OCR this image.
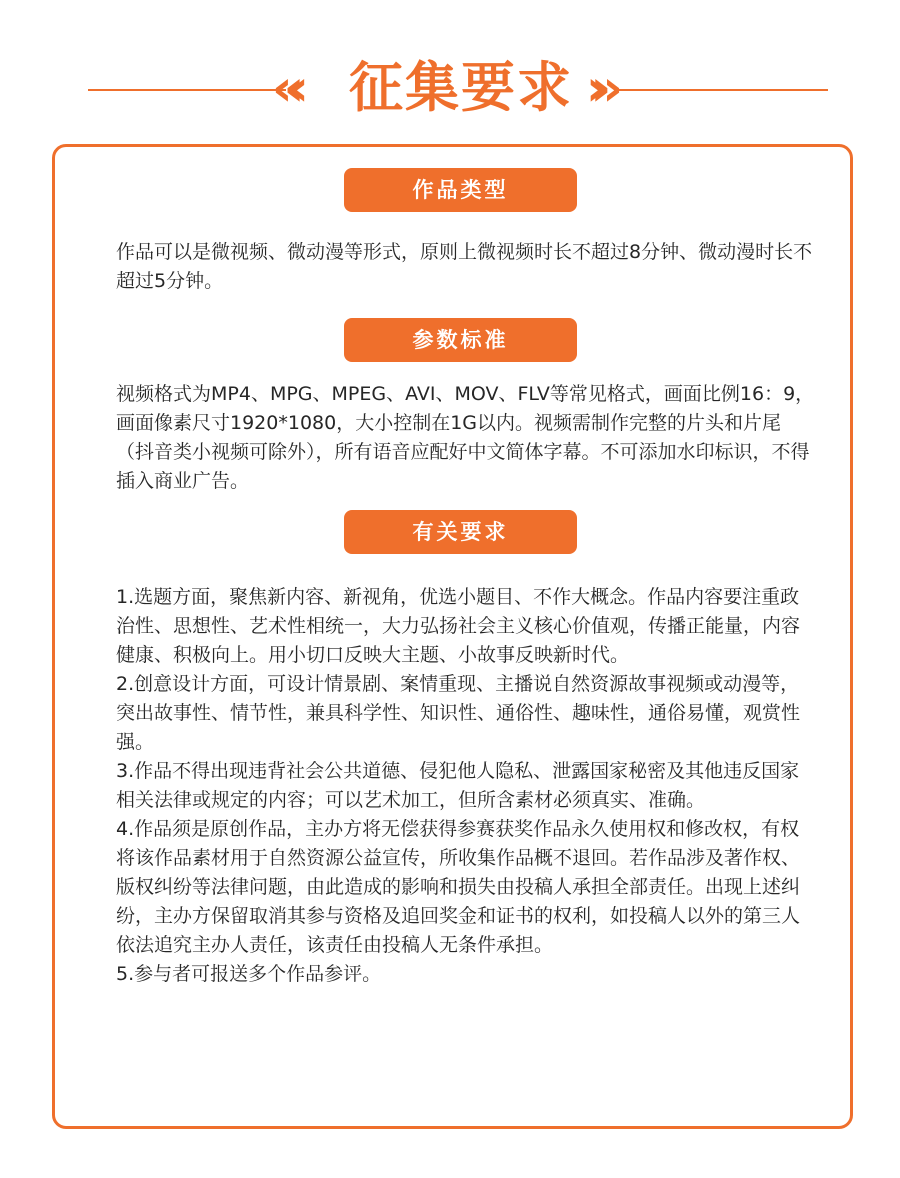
«‹ 征集要求 ›»
作品类型

作品可以是微视频、微动漫等形式，原则上微视频时长不超过8分钟、微动漫时长不超过5分钟。

参数标准

视频格式为MP4、MPG、MPEG、AVI、MOV、FLV等常见格式，画面比例16：9，画面像素尺寸1920*1080，大小控制在1G以内。视频需制作完整的片头和片尾（抖音类小视频可除外），所有语音应配好中文简体字幕。不可添加水印标识，不得插入商业广告。

有关要求

1.选题方面，聚焦新内容、新视角，优选小题目、不作大概念。作品内容要注重政治性、思想性、艺术性相统一，大力弘扬社会主义核心价值观，传播正能量，内容健康、积极向上。用小切口反映大主题、小故事反映新时代。

2.创意设计方面，可设计情景剧、案情重现、主播说自然资源故事视频或动漫等，突出故事性、情节性，兼具科学性、知识性、通俗性、趣味性，通俗易懂，观赏性强。

3.作品不得出现违背社会公共道德、侵犯他人隐私、泄露国家秘密及其他违反国家相关法律或规定的内容；可以艺术加工，但所含素材必须真实、准确。

4.作品须是原创作品，主办方将无偿获得参赛获奖作品永久使用权和修改权，有权将该作品素材用于自然资源公益宣传，所收集作品概不退回。若作品涉及著作权、版权纠纷等法律问题，由此造成的影响和损失由投稿人承担全部责任。出现上述纠纷，主办方保留取消其参与资格及追回奖金和证书的权利，如投稿人以外的第三人依法追究主办人责任，该责任由投稿人无条件承担。

5.参与者可报送多个作品参评。
